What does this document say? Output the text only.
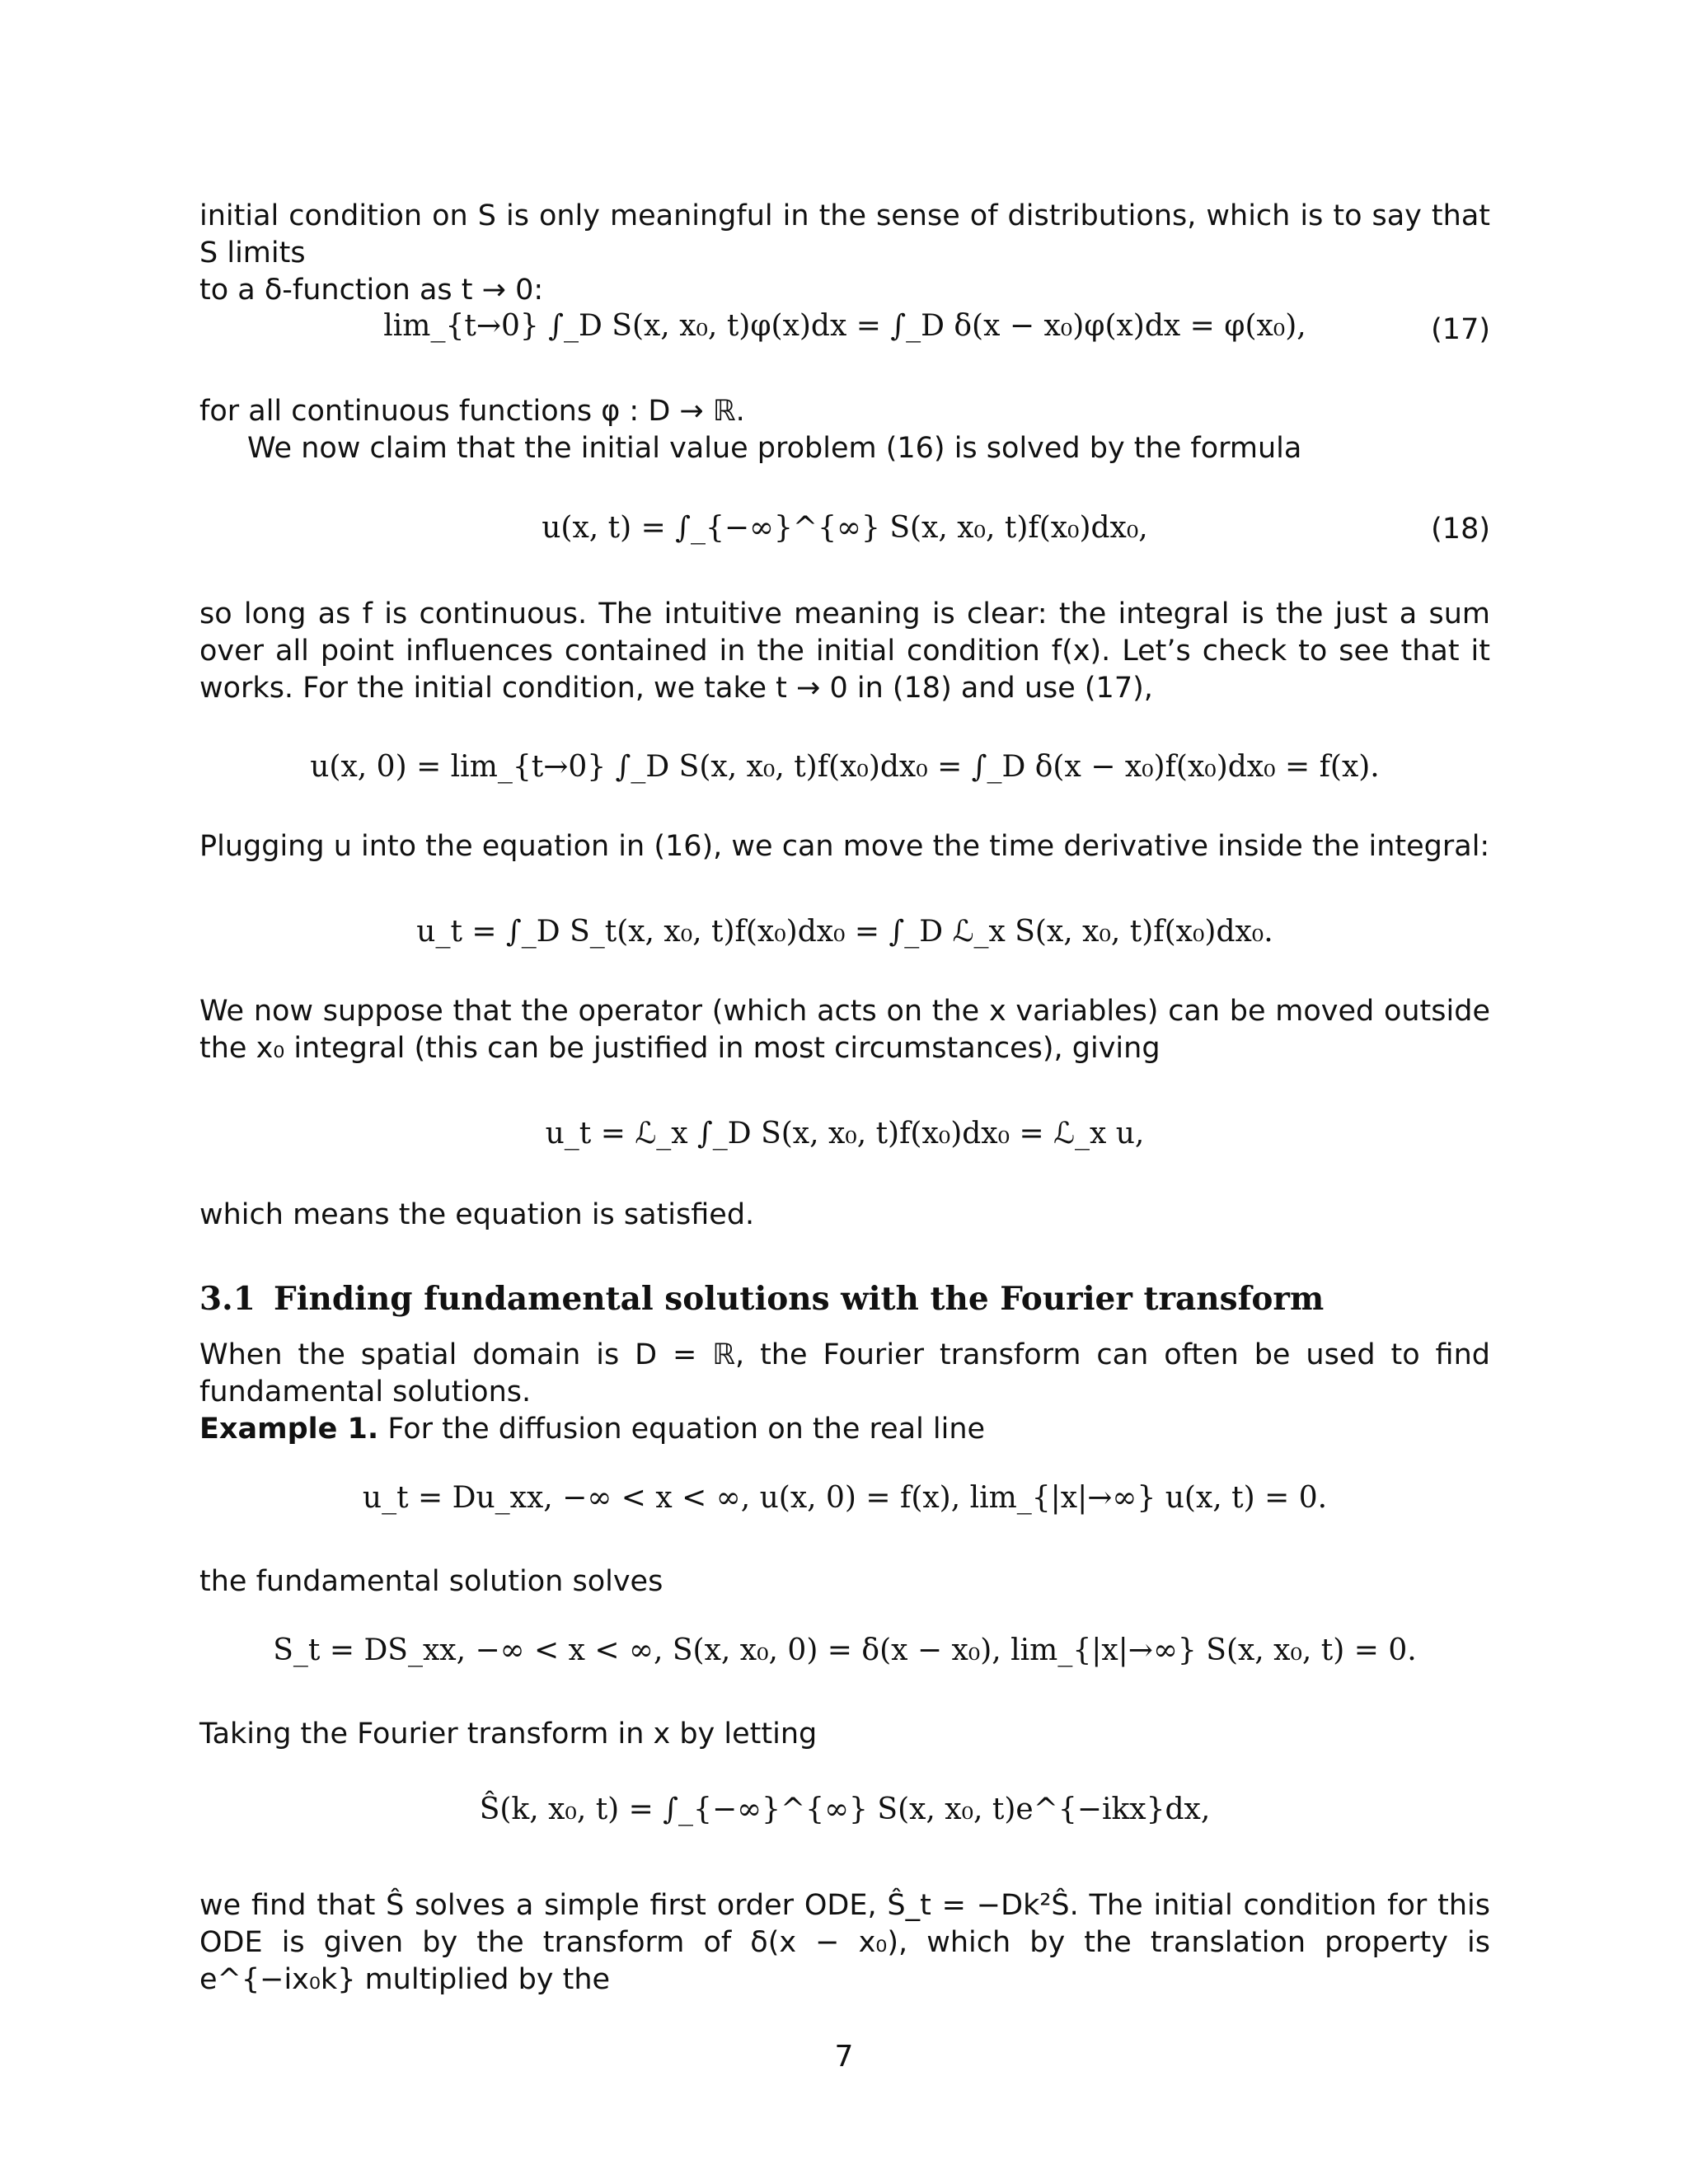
initial condition on S is only meaningful in the sense of distributions, which is to say that S limits
to a δ-function as t → 0:

lim_{t→0} ∫_D S(x, x₀, t)φ(x)dx = ∫_D δ(x − x₀)φ(x)dx = φ(x₀),	(17)

for all continuous functions φ : D → ℝ.

We now claim that the initial value problem (16) is solved by the formula

u(x, t) = ∫_{−∞}^{∞} S(x, x₀, t)f(x₀)dx₀,	(18)

so long as f is continuous. The intuitive meaning is clear: the integral is the just a sum over all point influences contained in the initial condition f(x). Let’s check to see that it works. For the initial condition, we take t → 0 in (18) and use (17),

u(x, 0) = lim_{t→0} ∫_D S(x, x₀, t)f(x₀)dx₀ = ∫_D δ(x − x₀)f(x₀)dx₀ = f(x).

Plugging u into the equation in (16), we can move the time derivative inside the integral:

u_t = ∫_D S_t(x, x₀, t)f(x₀)dx₀ = ∫_D ℒ_x S(x, x₀, t)f(x₀)dx₀.

We now suppose that the operator (which acts on the x variables) can be moved outside the x₀ integral (this can be justified in most circumstances), giving

u_t = ℒ_x ∫_D S(x, x₀, t)f(x₀)dx₀ = ℒ_x u,

which means the equation is satisfied.

3.1 Finding fundamental solutions with the Fourier transform

When the spatial domain is D = ℝ, the Fourier transform can often be used to find fundamental solutions.

Example 1. For the diffusion equation on the real line

u_t = Du_xx, −∞ < x < ∞, u(x, 0) = f(x), lim_{|x|→∞} u(x, t) = 0.

the fundamental solution solves

S_t = DS_xx, −∞ < x < ∞, S(x, x₀, 0) = δ(x − x₀), lim_{|x|→∞} S(x, x₀, t) = 0.

Taking the Fourier transform in x by letting

Ŝ(k, x₀, t) = ∫_{−∞}^{∞} S(x, x₀, t)e^{−ikx}dx,

we find that Ŝ solves a simple first order ODE, Ŝ_t = −Dk²Ŝ. The initial condition for this ODE is given by the transform of δ(x − x₀), which by the translation property is e^{−ix₀k} multiplied by the

7
